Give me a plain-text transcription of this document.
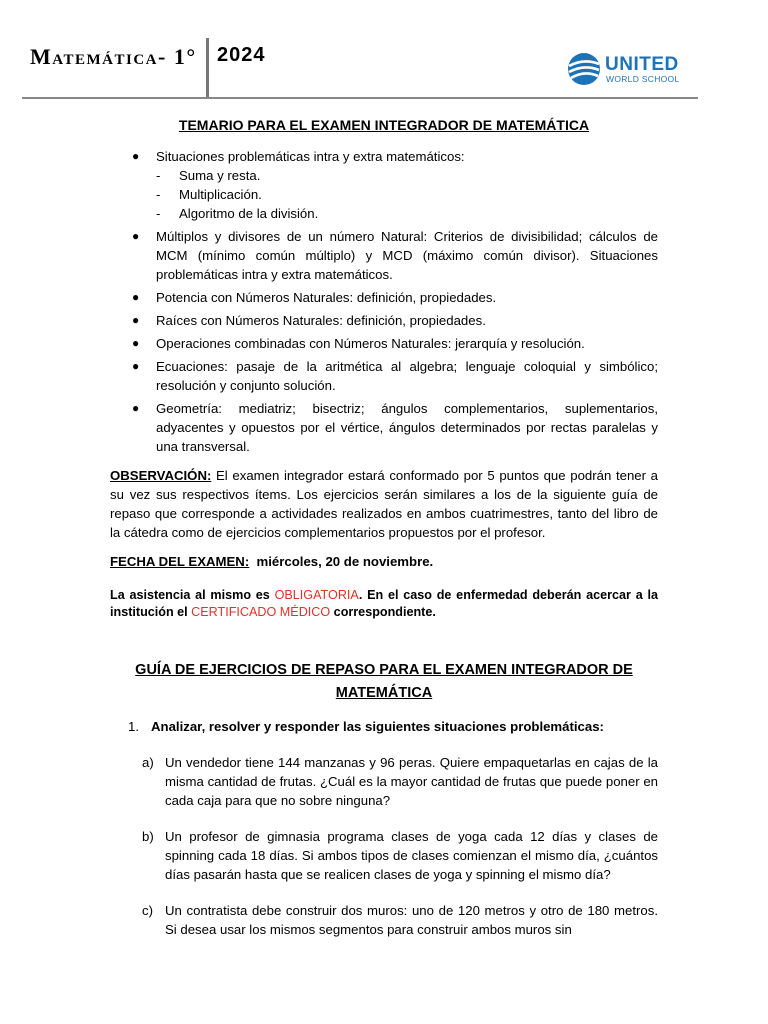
Matemática- 1° 2024	UNITED
WORLD SCHOOL
TEMARIO PARA EL EXAMEN INTEGRADOR DE MATEMÁTICA
● Situaciones problemáticas intra y extra matemáticos:
- Suma y resta.
- Multiplicación.
- Algoritmo de la división.
● Múltiplos y divisores de un número Natural: Criterios de divisibilidad; cálculos de MCM (mínimo común múltiplo) y MCD (máximo común divisor). Situaciones problemáticas intra y extra matemáticos.
● Potencia con Números Naturales: definición, propiedades.
● Raíces con Números Naturales: definición, propiedades.
● Operaciones combinadas con Números Naturales: jerarquía y resolución.
● Ecuaciones: pasaje de la aritmética al algebra; lenguaje coloquial y simbólico; resolución y conjunto solución.
● Geometría: mediatriz; bisectriz; ángulos complementarios, suplementarios, adyacentes y opuestos por el vértice, ángulos determinados por rectas paralelas y una transversal.
OBSERVACIÓN: El examen integrador estará conformado por 5 puntos que podrán tener a su vez sus respectivos ítems. Los ejercicios serán similares a los de la siguiente guía de repaso que corresponde a actividades realizados en ambos cuatrimestres, tanto del libro de la cátedra como de ejercicios complementarios propuestos por el profesor.
FECHA DEL EXAMEN: miércoles, 20 de noviembre.
La asistencia al mismo es OBLIGATORIA. En el caso de enfermedad deberán acercar a la institución el CERTIFICADO MÉDICO correspondiente.
GUÍA DE EJERCICIOS DE REPASO PARA EL EXAMEN INTEGRADOR DE
MATEMÁTICA
1. Analizar, resolver y responder las siguientes situaciones problemáticas:
a) Un vendedor tiene 144 manzanas y 96 peras. Quiere empaquetarlas en cajas de la misma cantidad de frutas. ¿Cuál es la mayor cantidad de frutas que puede poner en cada caja para que no sobre ninguna?
b) Un profesor de gimnasia programa clases de yoga cada 12 días y clases de spinning cada 18 días. Si ambos tipos de clases comienzan el mismo día, ¿cuántos días pasarán hasta que se realicen clases de yoga y spinning el mismo día?
c) Un contratista debe construir dos muros: uno de 120 metros y otro de 180 metros. Si desea usar los mismos segmentos para construir ambos muros sin
